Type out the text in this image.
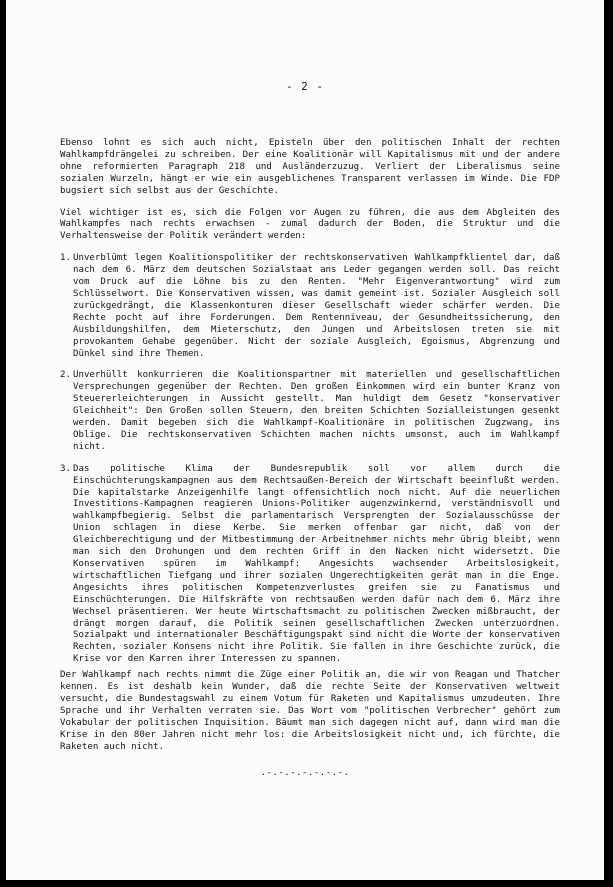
- 2 -

Ebenso lohnt es sich auch nicht, Episteln über den politischen Inhalt der rechten Wahlkampfdrängelei zu schreiben. Der eine Koalitionär will Kapitalismus mit und der andere ohne reformierten Paragraph 218 und Ausländerzuzug. Verliert der Liberalismus seine sozialen Wurzeln, hängt er wie ein ausgeblichenes Transparent verlassen im Winde. Die FDP bugsiert sich selbst aus der Geschichte.

Viel wichtiger ist es, sich die Folgen vor Augen zu führen, die aus dem Abgleiten des Wahlkampfes nach rechts erwachsen - zumal dadurch der Boden, die Struktur und die Verhaltensweise der Politik verändert werden:

1. Unverblümt legen Koalitionspolitiker der rechtskonservativen Wahlkampfklientel dar, daß nach dem 6. März dem deutschen Sozialstaat ans Leder gegangen werden soll. Das reicht vom Druck auf die Löhne bis zu den Renten. "Mehr Eigenverantwortung" wird zum Schlüsselwort. Die Konservativen wissen, was damit gemeint ist. Sozialer Ausgleich soll zurückgedrängt, die Klassenkonturen dieser Gesellschaft wieder schärfer werden. Die Rechte pocht auf ihre Forderungen. Dem Rentenniveau, der Gesundheitssicherung, den Ausbildungshilfen, dem Mieterschutz, den Jungen und Arbeitslosen treten sie mit provokantem Gehabe gegenüber. Nicht der soziale Ausgleich, Egoismus, Abgrenzung und Dünkel sind ihre Themen.
2. Unverhüllt konkurrieren die Koalitionspartner mit materiellen und gesellschaftlichen Versprechungen gegenüber der Rechten. Den großen Einkommen wird ein bunter Kranz von Steuererleichterungen in Aussicht gestellt. Man huldigt dem Gesetz "konservativer Gleichheit": Den Großen sollen Steuern, den breiten Schichten Sozialleistungen gesenkt werden. Damit begeben sich die Wahlkampf-Koalitionäre in politischen Zugzwang, ins Oblige. Die rechtskonservativen Schichten machen nichts umsonst, auch im Wahlkampf nicht.
3. Das politische Klima der Bundesrepublik soll vor allem durch die Einschüchterungskampagnen aus dem Rechtsaußen-Bereich der Wirtschaft beeinflußt werden. Die kapitalstarke Anzeigenhilfe langt offensichtlich noch nicht. Auf die neuerlichen Investitions-Kampagnen reagieren Unions-Politiker augenzwinkernd, verständnisvoll und wahlkampfbegierig. Selbst die parlamentarisch Versprengten der Sozialausschüsse der Union schlagen in diese Kerbe. Sie merken offenbar gar nicht, daß von der Gleichberechtigung und der Mitbestimmung der Arbeitnehmer nichts mehr übrig bleibt, wenn man sich den Drohungen und dem rechten Griff in den Nacken nicht widersetzt. Die Konservativen spüren im Wahlkampf: Angesichts wachsender Arbeitslosigkeit, wirtschaftlichen Tiefgang und ihrer sozialen Ungerechtigkeiten gerät man in die Enge. Angesichts ihres politischen Kompetenzverlustes greifen sie zu Fanatismus und Einschüchterungen. Die Hilfskräfte von rechtsaußen werden dafür nach dem 6. März ihre Wechsel präsentieren. Wer heute Wirtschaftsmacht zu politischen Zwecken mißbraucht, der drängt morgen darauf, die Politik seinen gesellschaftlichen Zwecken unterzuordnen. Sozialpakt und internationaler Beschäftigungspakt sind nicht die Worte der konservativen Rechten, sozialer Konsens nicht ihre Politik. Sie fallen in ihre Geschichte zurück, die Krise vor den Karren ihrer Interessen zu spannen.

Der Wahlkampf nach rechts nimmt die Züge einer Politik an, die wir von Reagan und Thatcher kennen. Es ist deshalb kein Wunder, daß die rechte Seite der Konservativen weltweit versucht, die Bundestagswahl zu einem Votum für Raketen und Kapitalismus umzudeuten. Ihre Sprache und ihr Verhalten verraten sie. Das Wort vom "politischen Verbrecher" gehört zum Vokabular der politischen Inquisition. Bäumt man sich dagegen nicht auf, dann wird man die Krise in den 80er Jahren nicht mehr los: die Arbeitslosigkeit nicht und, ich fürchte, die Raketen auch nicht.

.-.-.-.-.-.-.-.
